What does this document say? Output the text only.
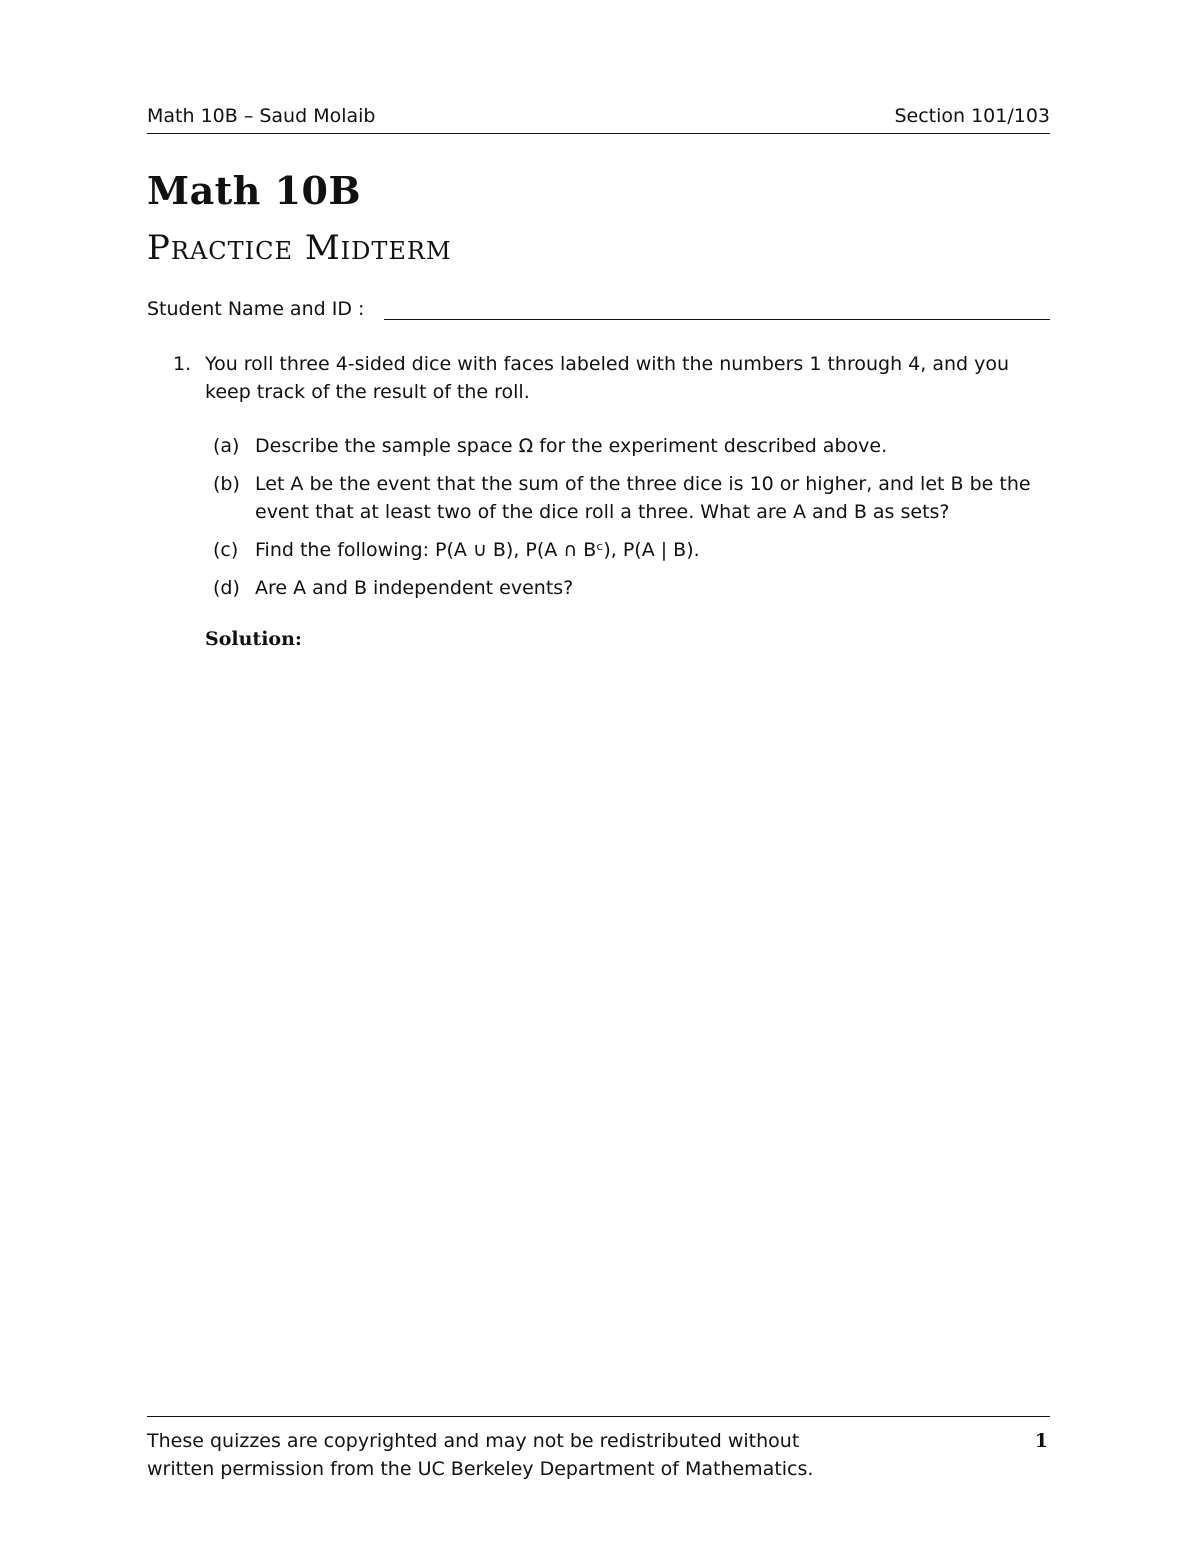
Math 10B – Saud Molaib	Section 101/103
Math 10B
Practice Midterm
Student Name and ID :
1. You roll three 4-sided dice with faces labeled with the numbers 1 through 4, and you keep track of the result of the roll.
(a) Describe the sample space Ω for the experiment described above.
(b) Let A be the event that the sum of the three dice is 10 or higher, and let B be the event that at least two of the dice roll a three. What are A and B as sets?
(c) Find the following: P(A ∪ B), P(A ∩ Bᶜ), P(A | B).
(d) Are A and B independent events?
Solution:
These quizzes are copyrighted and may not be redistributed without written permission from the UC Berkeley Department of Mathematics.
1
